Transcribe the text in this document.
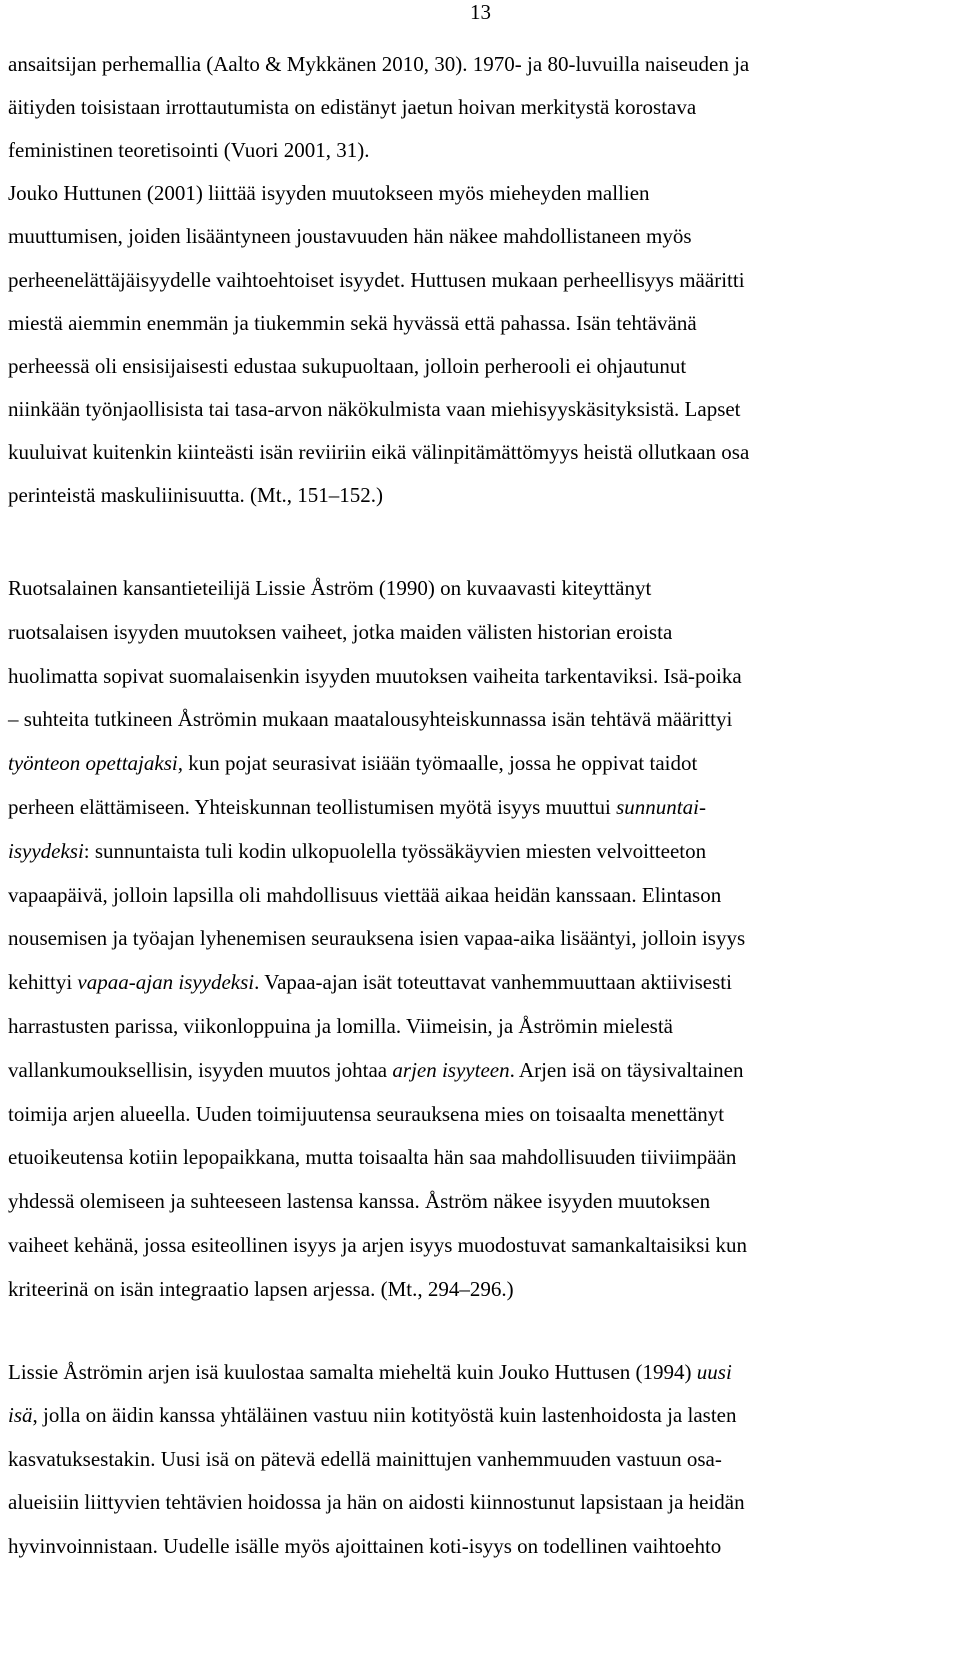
13
ansaitsijan perhemallia (Aalto & Mykkänen 2010, 30). 1970- ja 80-luvuilla naiseuden ja
äitiyden toisistaan irrottautumista on edistänyt jaetun hoivan merkitystä korostava
feministinen teoretisointi (Vuori 2001, 31).
Jouko Huttunen (2001) liittää isyyden muutokseen myös mieheyden mallien
muuttumisen, joiden lisääntyneen joustavuuden hän näkee mahdollistaneen myös
perheenelättäjäisyydelle vaihtoehtoiset isyydet. Huttusen mukaan perheellisyys määritti
miestä aiemmin enemmän ja tiukemmin sekä hyvässä että pahassa. Isän tehtävänä
perheessä oli ensisijaisesti edustaa sukupuoltaan, jolloin perherooli ei ohjautunut
niinkään työnjaollisista tai tasa-arvon näkökulmista vaan miehisyyskäsityksistä. Lapset
kuuluivat kuitenkin kiinteästi isän reviiriin eikä välinpitämättömyys heistä ollutkaan osa
perinteistä maskuliinisuutta. (Mt., 151–152.)
Ruotsalainen kansantieteilijä Lissie Åström (1990) on kuvaavasti kiteyttänyt
ruotsalaisen isyyden muutoksen vaiheet, jotka maiden välisten historian eroista
huolimatta sopivat suomalaisenkin isyyden muutoksen vaiheita tarkentaviksi. Isä-poika
– suhteita tutkineen Åströmin mukaan maatalousyhteiskunnassa isän tehtävä määrittyi
työnteon opettajaksi, kun pojat seurasivat isiään työmaalle, jossa he oppivat taidot
perheen elättämiseen. Yhteiskunnan teollistumisen myötä isyys muuttui sunnuntai-
isyydeksi: sunnuntaista tuli kodin ulkopuolella työssäkäyvien miesten velvoitteeton
vapaapäivä, jolloin lapsilla oli mahdollisuus viettää aikaa heidän kanssaan. Elintason
nousemisen ja työajan lyhenemisen seurauksena isien vapaa-aika lisääntyi, jolloin isyys
kehittyi vapaa-ajan isyydeksi. Vapaa-ajan isät toteuttavat vanhemmuuttaan aktiivisesti
harrastusten parissa, viikonloppuina ja lomilla. Viimeisin, ja Åströmin mielestä
vallankumouksellisin, isyyden muutos johtaa arjen isyyteen. Arjen isä on täysivaltainen
toimija arjen alueella. Uuden toimijuutensa seurauksena mies on toisaalta menettänyt
etuoikeutensa kotiin lepopaikkana, mutta toisaalta hän saa mahdollisuuden tiiviimpään
yhdessä olemiseen ja suhteeseen lastensa kanssa. Åström näkee isyyden muutoksen
vaiheet kehänä, jossa esiteollinen isyys ja arjen isyys muodostuvat samankaltaisiksi kun
kriteerinä on isän integraatio lapsen arjessa. (Mt., 294–296.)
Lissie Åströmin arjen isä kuulostaa samalta mieheltä kuin Jouko Huttusen (1994) uusi
isä, jolla on äidin kanssa yhtäläinen vastuu niin kotityöstä kuin lastenhoidosta ja lasten
kasvatuksestakin. Uusi isä on pätevä edellä mainittujen vanhemmuuden vastuun osa-
alueisiin liittyvien tehtävien hoidossa ja hän on aidosti kiinnostunut lapsistaan ja heidän
hyvinvoinnistaan. Uudelle isälle myös ajoittainen koti-isyys on todellinen vaihtoehto
